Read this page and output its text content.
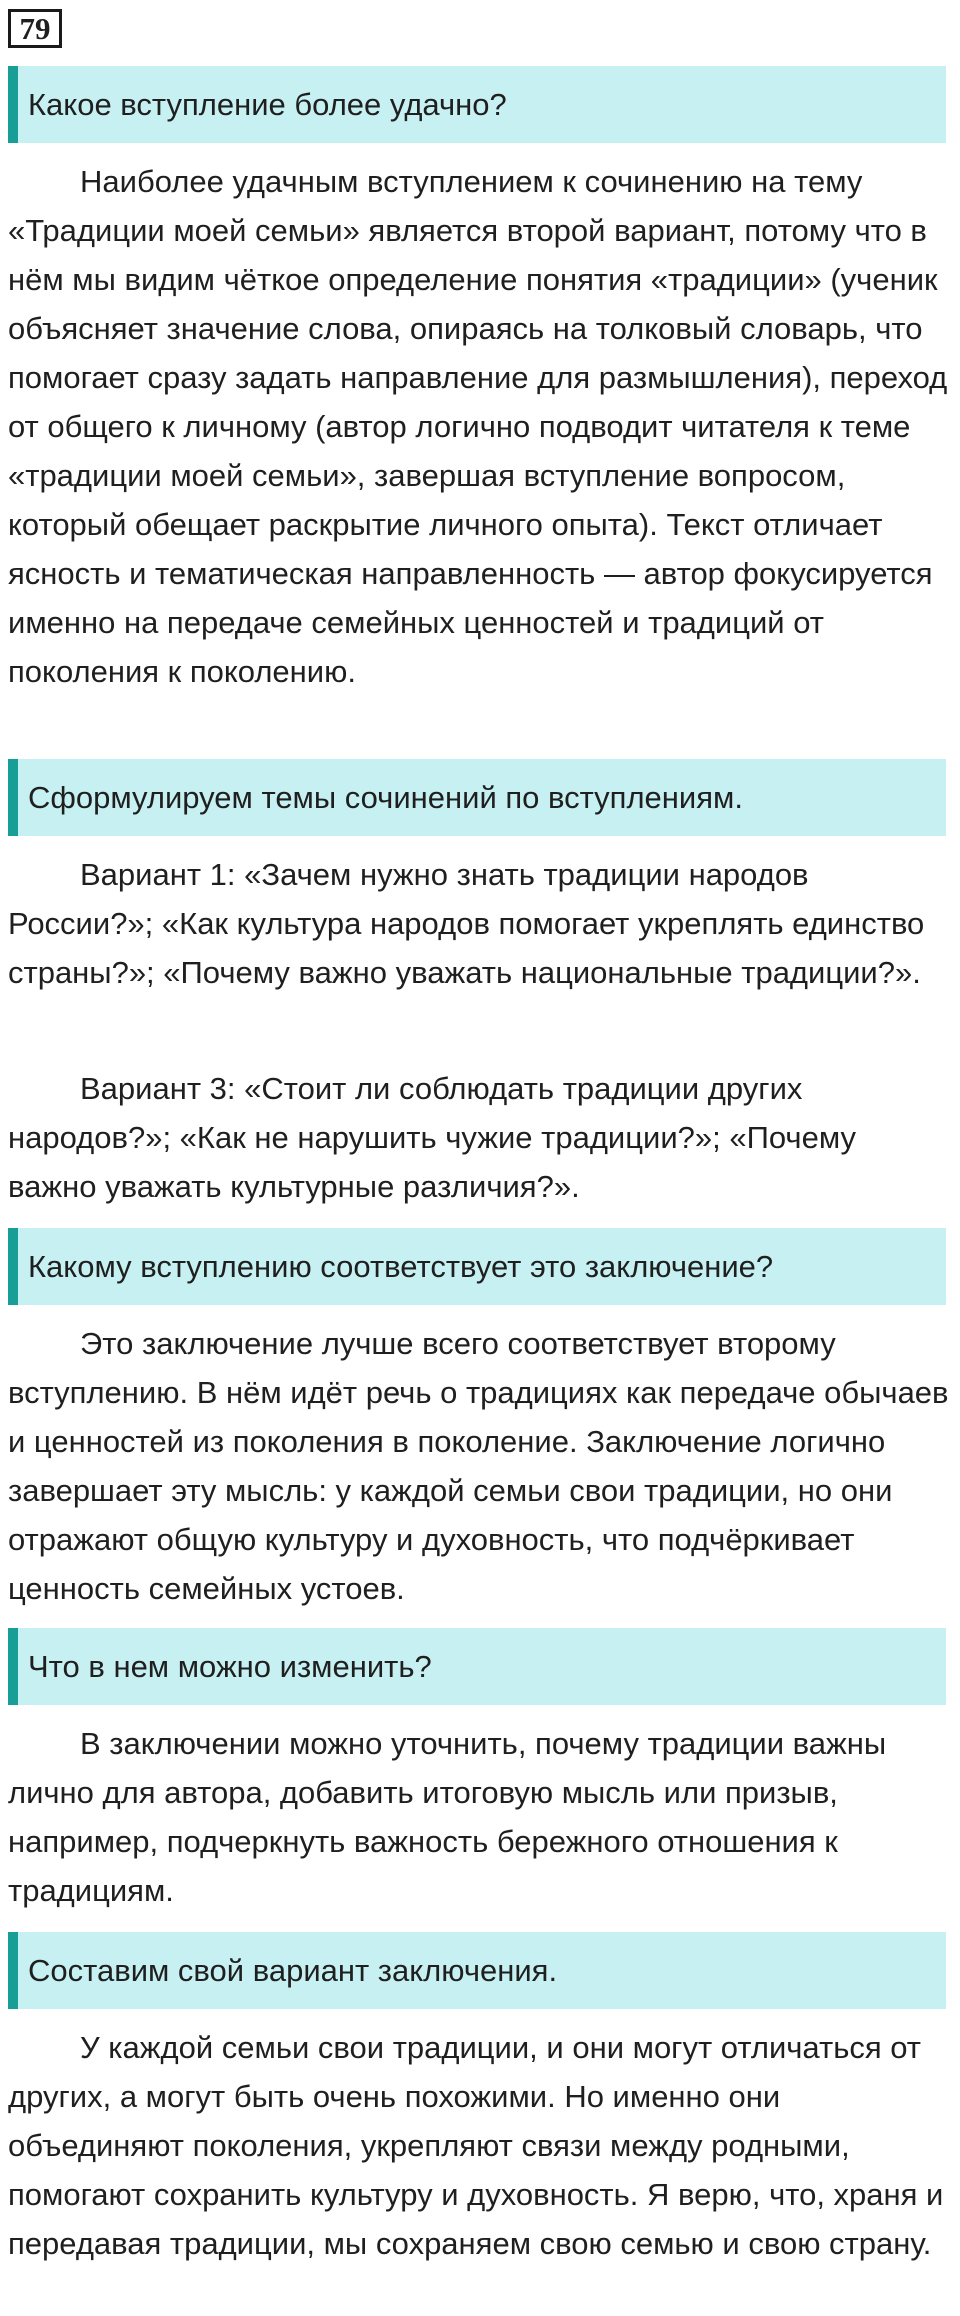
79
Какое вступление более удачно?

Наиболее удачным вступлением к сочинению на тему «Традиции моей семьи» является второй вариант, потому что в нём мы видим чёткое определение понятия «традиции» (ученик объясняет значение слова, опираясь на толковый словарь, что помогает сразу задать направление для размышления), переход от общего к личному (автор логично подводит читателя к теме «традиции моей семьи», завершая вступление вопросом, который обещает раскрытие личного опыта). Текст отличает ясность и тематическая направленность — автор фокусируется именно на передаче семейных ценностей и традиций от поколения к поколению.

Сформулируем темы сочинений по вступлениям.

Вариант 1: «Зачем нужно знать традиции народов России?»; «Как культура народов помогает укреплять единство страны?»; «Почему важно уважать национальные традиции?».

Вариант 3: «Стоит ли соблюдать традиции других народов?»; «Как не нарушить чужие традиции?»; «Почему важно уважать культурные различия?».

Какому вступлению соответствует это заключение?

Это заключение лучше всего соответствует второму вступлению. В нём идёт речь о традициях как передаче обычаев и ценностей из поколения в поколение. Заключение логично завершает эту мысль: у каждой семьи свои традиции, но они отражают общую культуру и духовность, что подчёркивает ценность семейных устоев.

Что в нем можно изменить?

В заключении можно уточнить, почему традиции важны лично для автора, добавить итоговую мысль или призыв, например, подчеркнуть важность бережного отношения к традициям.

Составим свой вариант заключения.

У каждой семьи свои традиции, и они могут отличаться от других, а могут быть очень похожими. Но именно они объединяют поколения, укрепляют связи между родными, помогают сохранить культуру и духовность. Я верю, что, храня и передавая традиции, мы сохраняем свою семью и свою страну.
